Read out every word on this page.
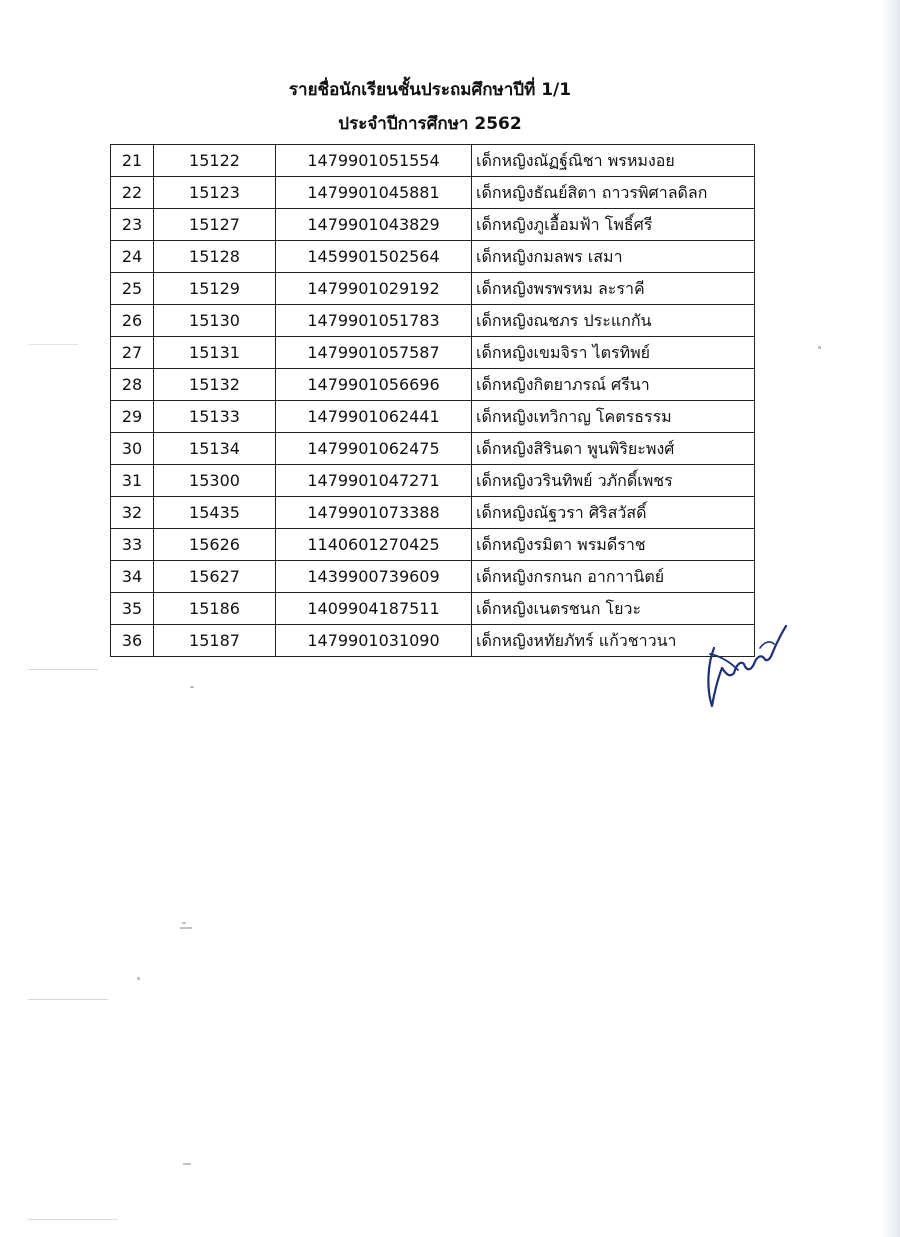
รายชื่อนักเรียนชั้นประถมศึกษาปีที่ 1/1
ประจำปีการศึกษา 2562
21	15122	1479901051554	เด็กหญิงณัฏฐ์ณิชา พรหมงอย
22	15123	1479901045881	เด็กหญิงธัณย์สิตา ถาวรพิศาลดิลก
23	15127	1479901043829	เด็กหญิงภูเอื้อมฟ้า โพธิ์ศรี
24	15128	1459901502564	เด็กหญิงกมลพร เสมา
25	15129	1479901029192	เด็กหญิงพรพรหม ละราคี
26	15130	1479901051783	เด็กหญิงณชภร ประแกกัน
27	15131	1479901057587	เด็กหญิงเขมจิรา ไตรทิพย์
28	15132	1479901056696	เด็กหญิงกิตยาภรณ์ ศรีนา
29	15133	1479901062441	เด็กหญิงเทวิกาญ โคตรธรรม
30	15134	1479901062475	เด็กหญิงสิรินดา พูนพิริยะพงศ์
31	15300	1479901047271	เด็กหญิงวรินทิพย์ วภักดิ์เพชร
32	15435	1479901073388	เด็กหญิงณัฐวรา ศิริสวัสดิ์
33	15626	1140601270425	เด็กหญิงรมิตา พรมดีราช
34	15627	1439900739609	เด็กหญิงกรกนก อากาานิตย์
35	15186	1409904187511	เด็กหญิงเนตรชนก โยวะ
36	15187	1479901031090	เด็กหญิงหทัยภัทร์ แก้วชาวนา
